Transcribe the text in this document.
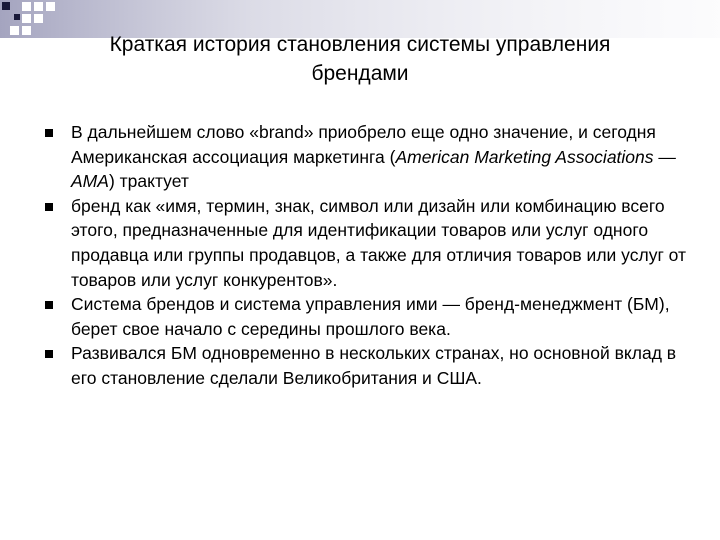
Краткая история становления системы управления
брендами
В дальнейшем слово «brand» приобрело еще одно значение, и сегодня Американская ассоциация маркетинга (American Marketing Associations — AMA) трактует
бренд как «имя, термин, знак, символ или дизайн или комбинацию всего этого, предназначенные для идентификации товаров или услуг одного продавца или группы продавцов, а также для отличия товаров или услуг от товаров или услуг конкурентов».
Система брендов и система управления ими — бренд-менеджмент (БМ), берет свое начало с середины прошлого века.
Развивался БМ одновременно в нескольких странах, но основной вклад в его становление сделали Великобритания и США.
